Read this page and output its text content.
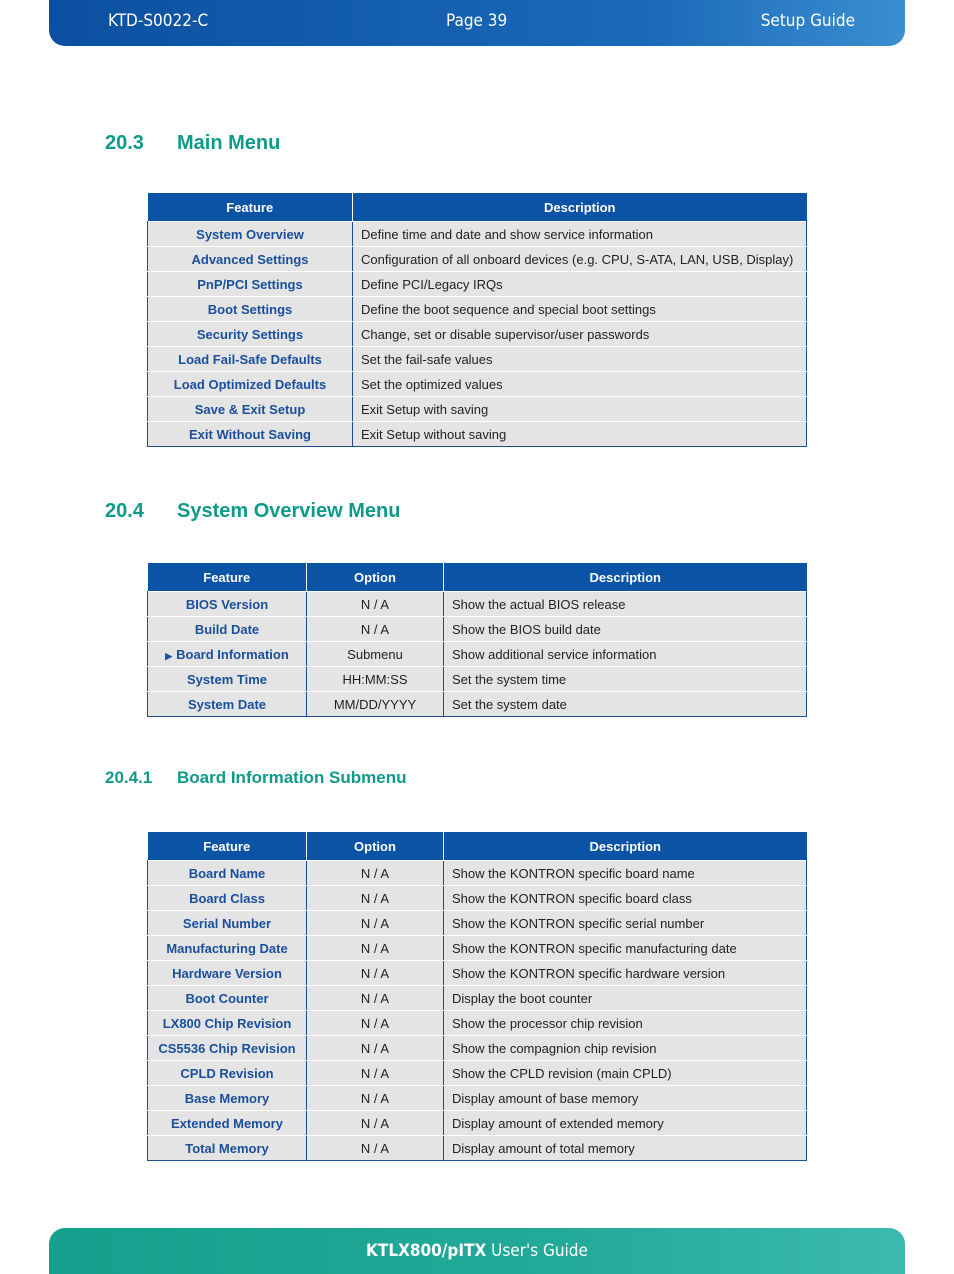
KTD-S0022-C	Page 39	Setup Guide
20.3 Main Menu
Feature	Description
System Overview	Define time and date and show service information
Advanced Settings	Configuration of all onboard devices (e.g. CPU, S-ATA, LAN, USB, Display)
PnP/PCI Settings	Define PCI/Legacy IRQs
Boot Settings	Define the boot sequence and special boot settings
Security Settings	Change, set or disable supervisor/user passwords
Load Fail-Safe Defaults	Set the fail-safe values
Load Optimized Defaults	Set the optimized values
Save & Exit Setup	Exit Setup with saving
Exit Without Saving	Exit Setup without saving
20.4 System Overview Menu
Feature	Option	Description
BIOS Version	N / A	Show the actual BIOS release
Build Date	N / A	Show the BIOS build date
▶ Board Information	Submenu	Show additional service information
System Time	HH:MM:SS	Set the system time
System Date	MM/DD/YYYY	Set the system date
20.4.1 Board Information Submenu
Feature	Option	Description
Board Name	N / A	Show the KONTRON specific board name
Board Class	N / A	Show the KONTRON specific board class
Serial Number	N / A	Show the KONTRON specific serial number
Manufacturing Date	N / A	Show the KONTRON specific manufacturing date
Hardware Version	N / A	Show the KONTRON specific hardware version
Boot Counter	N / A	Display the boot counter
LX800 Chip Revision	N / A	Show the processor chip revision
CS5536 Chip Revision	N / A	Show the compagnion chip revision
CPLD Revision	N / A	Show the CPLD revision (main CPLD)
Base Memory	N / A	Display amount of base memory
Extended Memory	N / A	Display amount of extended memory
Total Memory	N / A	Display amount of total memory
KTLX800/pITX User's Guide
